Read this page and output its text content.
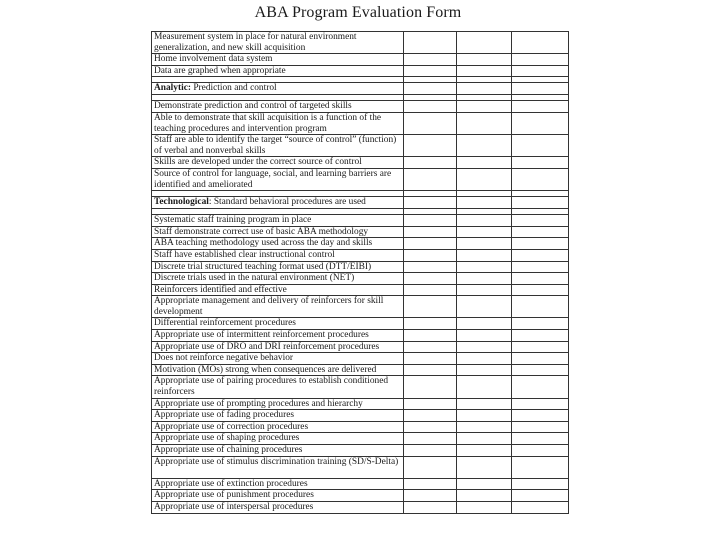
ABA Program Evaluation Form
Measurement system in place for natural environment generalization, and new skill acquisition			
Home involvement data system			
Data are graphed when appropriate			

Analytic: Prediction and control			

Demonstrate prediction and control of targeted skills			
Able to demonstrate that skill acquisition is a function of the teaching procedures and intervention program			
Staff are able to identify the target “source of control” (function) of verbal and nonverbal skills			
Skills are developed under the correct source of control			
Source of control for language, social, and learning barriers are identified and ameliorated			

Technological: Standard behavioral procedures are used			

Systematic staff training program in place			
Staff demonstrate correct use of basic ABA methodology			
ABA teaching methodology used across the day and skills			
Staff have established clear instructional control			
Discrete trial structured teaching format used (DTT/EIBI)			
Discrete trials used in the natural environment (NET)			
Reinforcers identified and effective			
Appropriate management and delivery of reinforcers for skill development			
Differential reinforcement procedures			
Appropriate use of intermittent reinforcement procedures			
Appropriate use of DRO and DRI reinforcement procedures			
Does not reinforce negative behavior			
Motivation (MOs) strong when consequences are delivered			
Appropriate use of pairing procedures to establish conditioned reinforcers			
Appropriate use of prompting procedures and hierarchy			
Appropriate use of fading procedures			
Appropriate use of correction procedures			
Appropriate use of shaping procedures			
Appropriate use of chaining procedures			
Appropriate use of stimulus discrimination training (SD/S-Delta)			
Appropriate use of extinction procedures			
Appropriate use of punishment procedures			
Appropriate use of interspersal procedures			
